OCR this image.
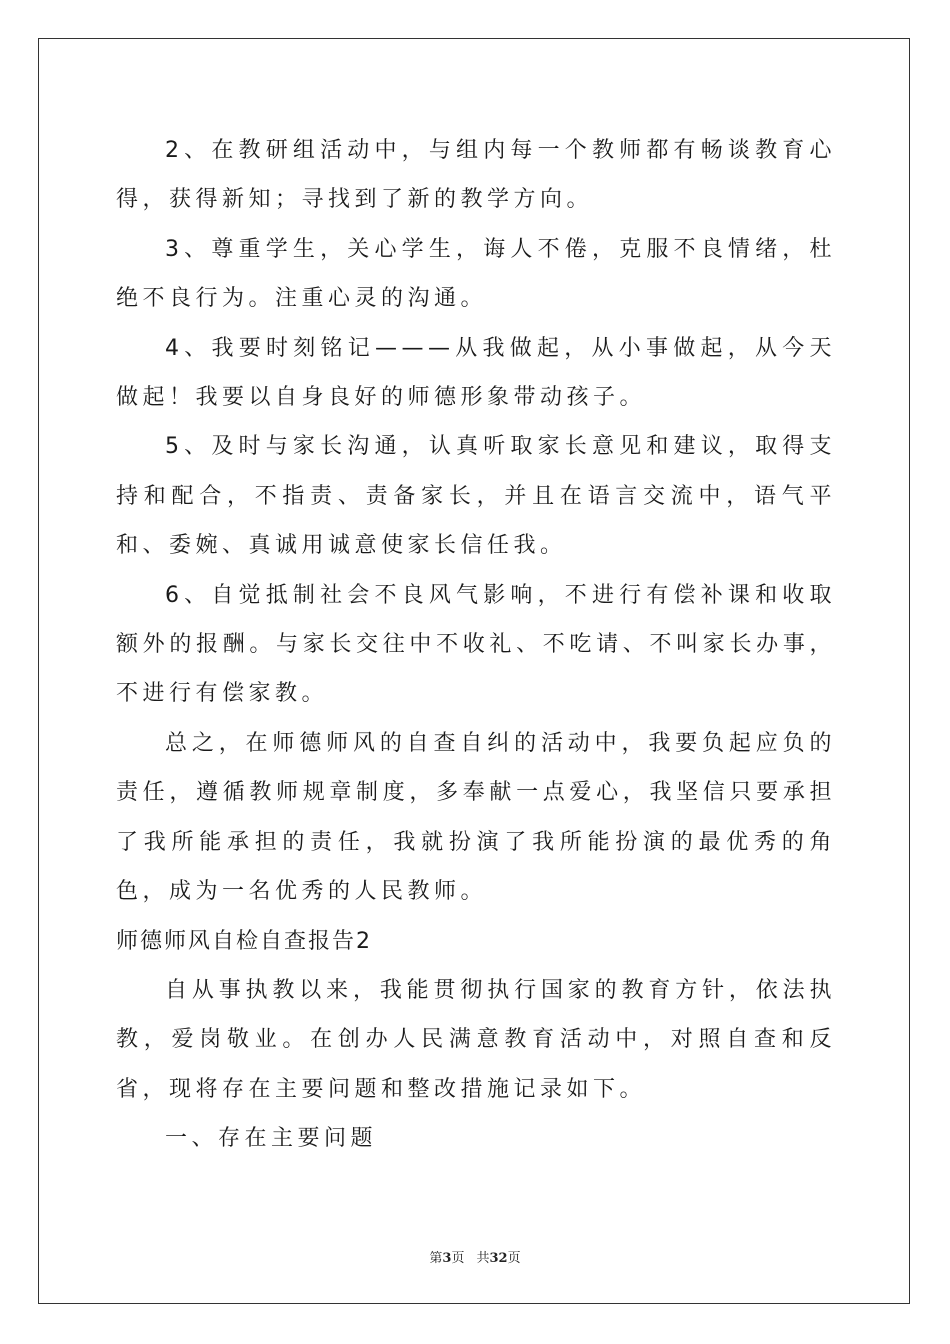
2、在教研组活动中，与组内每一个教师都有畅谈教育心得，获得新知；寻找到了新的教学方向。

3、尊重学生，关心学生，诲人不倦，克服不良情绪，杜绝不良行为。注重心灵的沟通。

4、我要时刻铭记———从我做起，从小事做起，从今天做起！我要以自身良好的师德形象带动孩子。

5、及时与家长沟通，认真听取家长意见和建议，取得支持和配合，不指责、责备家长，并且在语言交流中，语气平和、委婉、真诚用诚意使家长信任我。

6、自觉抵制社会不良风气影响，不进行有偿补课和收取额外的报酬。与家长交往中不收礼、不吃请、不叫家长办事，不进行有偿家教。

总之，在师德师风的自查自纠的活动中，我要负起应负的责任，遵循教师规章制度，多奉献一点爱心，我坚信只要承担了我所能承担的责任，我就扮演了我所能扮演的最优秀的角色，成为一名优秀的人民教师。

师德师风自检自查报告2

自从事执教以来，我能贯彻执行国家的教育方针，依法执教，爱岗敬业。在创办人民满意教育活动中，对照自查和反省，现将存在主要问题和整改措施记录如下。

一、存在主要问题

第3页 共32页
